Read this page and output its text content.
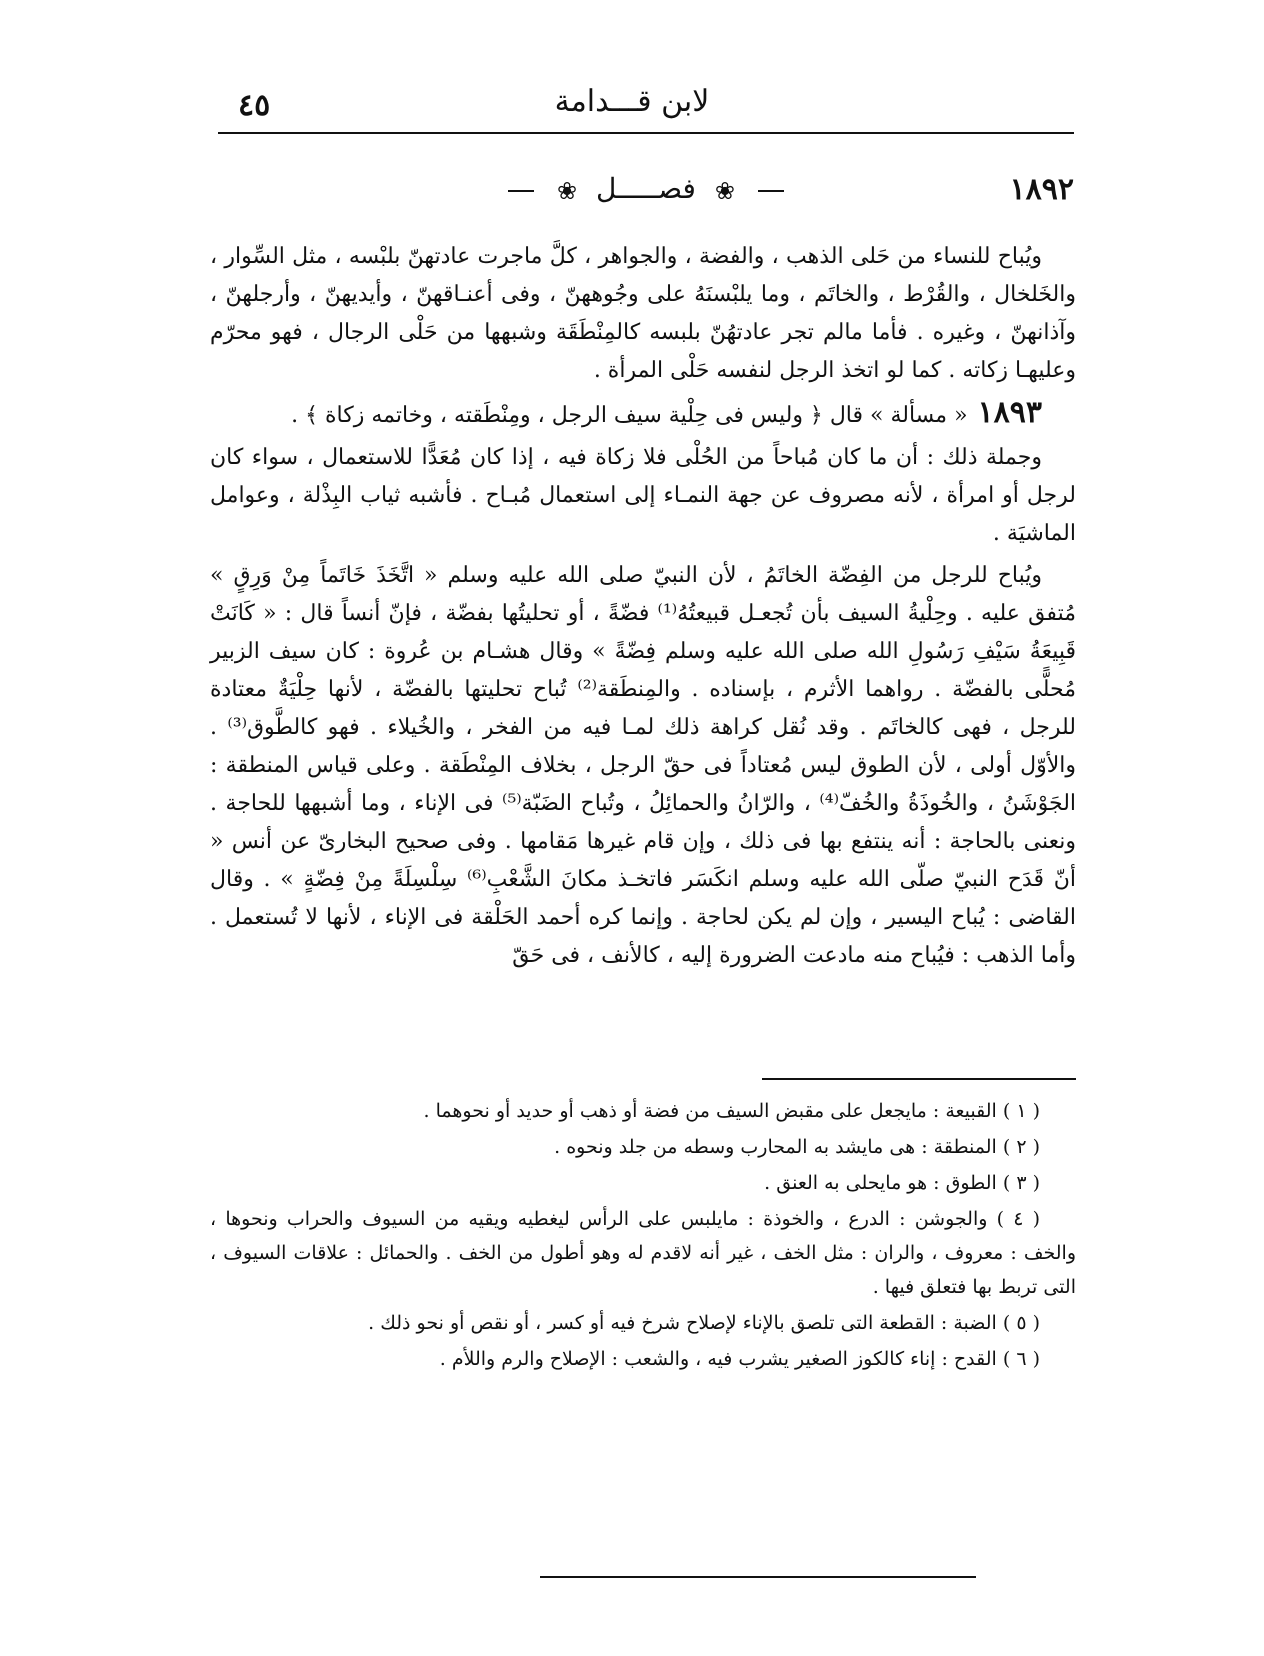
لابن قـــدامة
٤٥
١٨٩٢
❀ فصـــــل ❀

ويُباح للنساء من حَلى الذهب ، والفضة ، والجواهر ، كلَّ ماجرت عادتهنّ بلبْسه ، مثل السِّوار ، والخَلخال ، والقُرْط ، والخاتَم ، وما يلبْسنَهُ على وجُوههنّ ، وفى أعنـاقهنّ ، وأيديهنّ ، وأرجلهنّ ، وآذانهنّ ، وغيره . فأما مالم تجر عادتهُنّ بلبسه كالمِنْطَقَة وشبهها من حَلْى الرجال ، فهو محرّم وعليهـا زكاته . كما لو اتخذ الرجل لنفسه حَلْى المرأة .

١٨٩٣« مسألة » قال ﴿ وليس فى حِلْية سيف الرجل ، ومِنْطَقته ، وخاتمه زكاة ﴾ .

وجملة ذلك : أن ما كان مُباحاً من الحُلْى فلا زكاة فيه ، إذا كان مُعَدًّا للاستعمال ، سواء كان لرجل أو امرأة ، لأنه مصروف عن جهة النمـاء إلى استعمال مُبـاح . فأشبه ثياب البِذْلة ، وعوامل الماشيَة .

ويُباح للرجل من الفِضّة الخاتَمُ ، لأن النبيّ صلى الله عليه وسلم « اتَّخَذَ خَاتَماً مِنْ وَرِقٍ » مُتفق عليه . وحِلْيةُ السيف بأن تُجعـل قبيعتُهُ⁽¹⁾ فضّةً ، أو تحليتُها بفضّة ، فإنّ أنساً قال : « كَانَتْ قَبِيعَةُ سَيْفِ رَسُولِ الله صلى الله عليه وسلم فِضّةً » وقال هشـام بن عُروة : كان سيف الزبير مُحلًّى بالفضّة . رواهما الأثرم ، بإسناده . والمِنطَقة⁽²⁾ تُباح تحليتها بالفضّة ، لأنها حِلْيَةٌ معتادة للرجل ، فهى كالخاتَم . وقد نُقل كراهة ذلك لمـا فيه من الفخر ، والخُيلاء . فهو كالطَّوق⁽³⁾ . والأوّل أولى ، لأن الطوق ليس مُعتاداً فى حقّ الرجل ، بخلاف المِنْطَقة . وعلى قياس المنطقة : الجَوْشَنُ ، والخُوذَةُ والخُفّ⁽⁴⁾ ، والرّانُ والحمائِلُ ، وتُباح الضَبّة⁽⁵⁾ فى الإناء ، وما أشبهها للحاجة . ونعنى بالحاجة : أنه ينتفع بها فى ذلك ، وإن قام غيرها مَقامها . وفى صحيح البخارىّ عن أنس « أنّ قَدَح النبيّ صلّى الله عليه وسلم انكَسَر فاتخـذ مكانَ الشَّعْبِ⁽⁶⁾ سِلْسِلَةً مِنْ فِضّةٍ » . وقال القاضى : يُباح اليسير ، وإن لم يكن لحاجة . وإنما كره أحمد الحَلْقة فى الإناء ، لأنها لا تُستعمل . وأما الذهب : فيُباح منه مادعت الضرورة إليه ، كالأنف ، فى حَقّ

( ١ ) القبيعة : مايجعل على مقبض السيف من فضة أو ذهب أو حديد أو نحوهما .

( ٢ ) المنطقة : هى مايشد به المحارب وسطه من جلد ونحوه .

( ٣ ) الطوق : هو مايحلى به العنق .

( ٤ ) والجوشن : الدرع ، والخوذة : مايلبس على الرأس ليغطيه ويقيه من السيوف والحراب ونحوها ، والخف : معروف ، والران : مثل الخف ، غير أنه لاقدم له وهو أطول من الخف . والحمائل : علاقات السيوف ، التى تربط بها فتعلق فيها .

( ٥ ) الضبة : القطعة التى تلصق بالإناء لإصلاح شرخ فيه أو كسر ، أو نقص أو نحو ذلك .

( ٦ ) القدح : إناء كالكوز الصغير يشرب فيه ، والشعب : الإصلاح والرم واللأم .
